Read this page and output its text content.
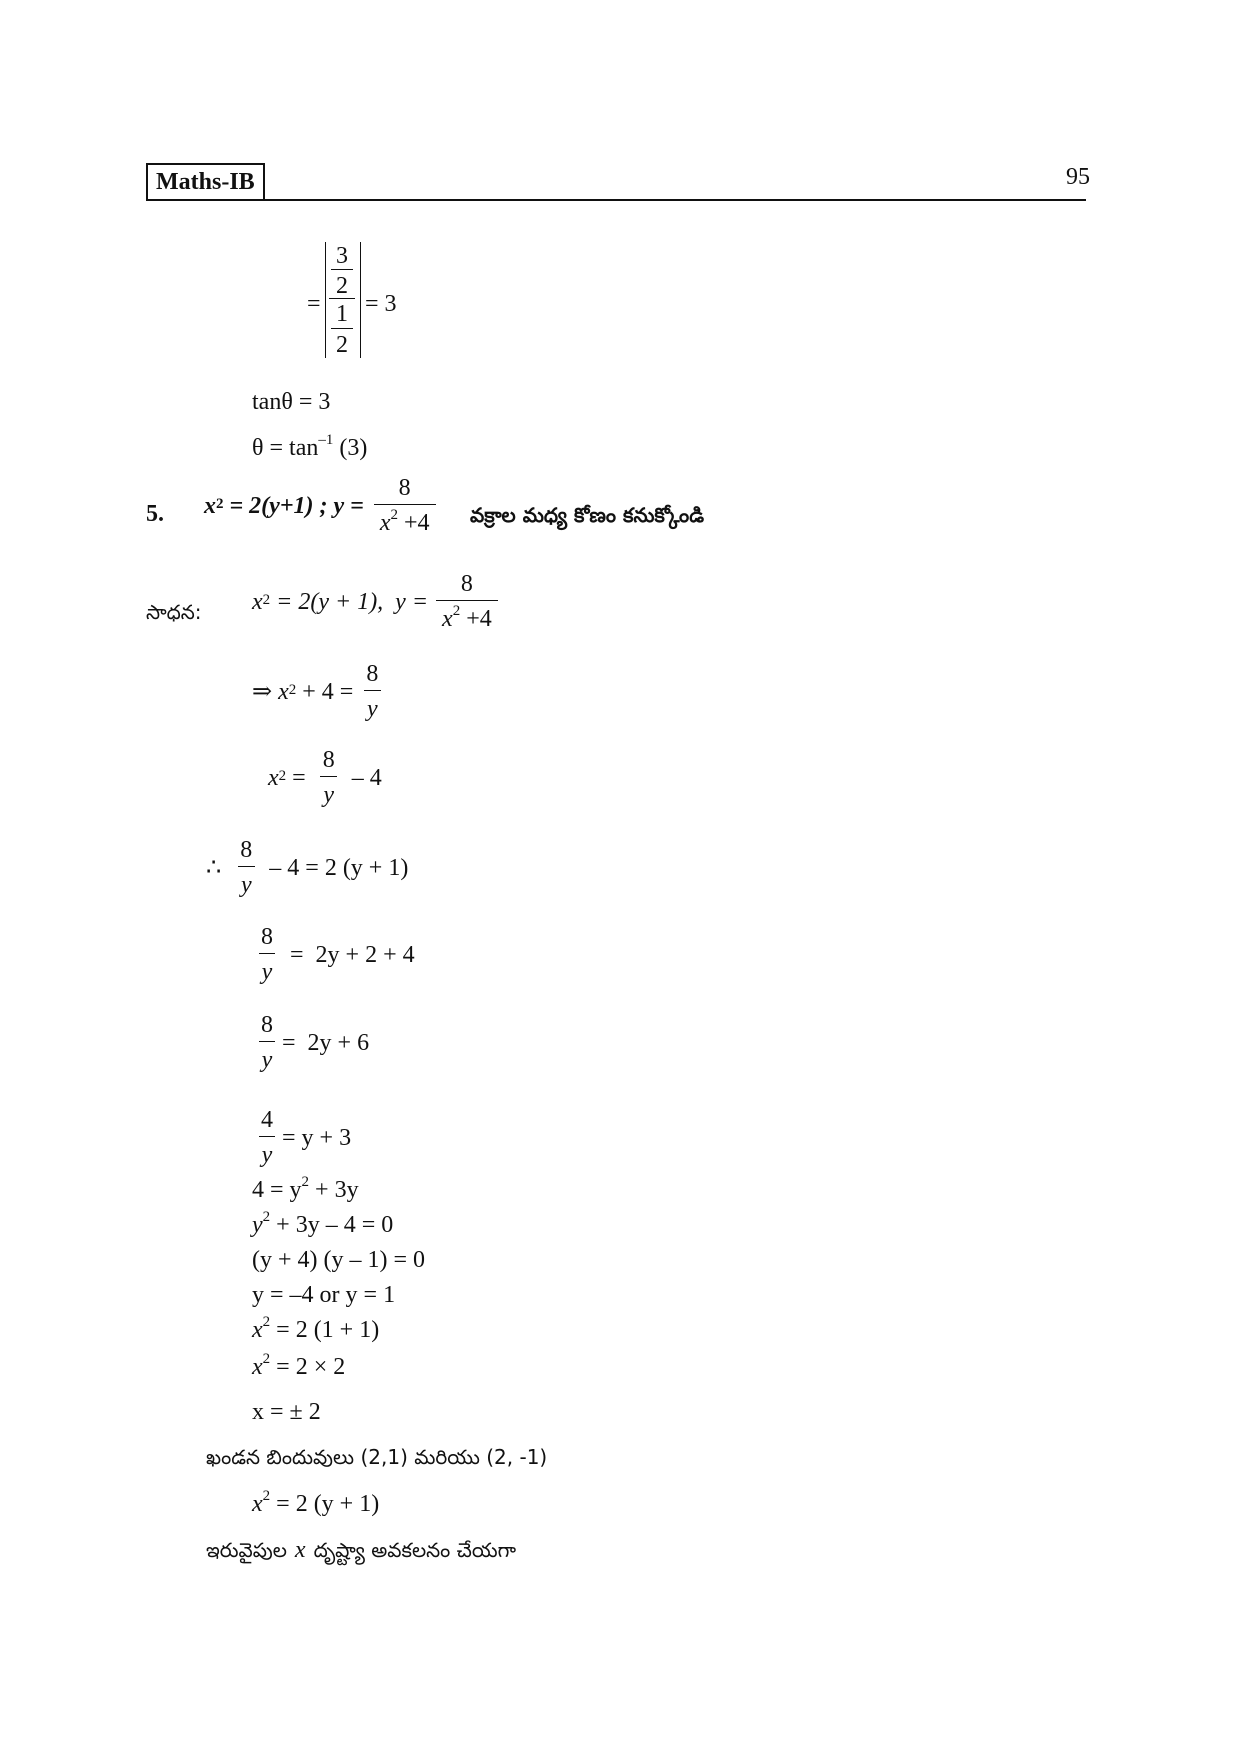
Maths-IB	95
=
3
2
1
2
= 3
tanθ = 3
$\theta = \tan^{-1} (3)$
5. $x^2 = 2(y+1)$ ; $y = \frac{8}{x^2 +4}$ వక్రాల మధ్య కోణం కనుక్కోండి
సాధన: $x^2 = 2(y + 1)$,  $y = \frac{8}{x^2 +4}$
⇒ $x^2 + 4 = \frac{8}{y}$
$x^2 = \frac{8}{y} - 4$
∴ $\frac{8}{y} - 4 = 2$ (y + 1)
$\frac{8}{y} = 2y + 2 + 4$
$\frac{8}{y} = 2y + 6$
$\frac{4}{y} = y + 3$
$4 = y^2 + 3y$
$y^2 + 3y - 4 = 0$
(y + 4) (y – 1) = 0
y = –4 or y = 1
$x^2 = 2$ (1 + 1)
$x^2 = 2 \times 2$
x = ± 2
ఖండన బిందువులు (2,1) మరియు (2, -1)
$x^2 = 2$ (y + 1)
ఇరువైపుల x దృష్ట్యా అవకలనం చేయగా
